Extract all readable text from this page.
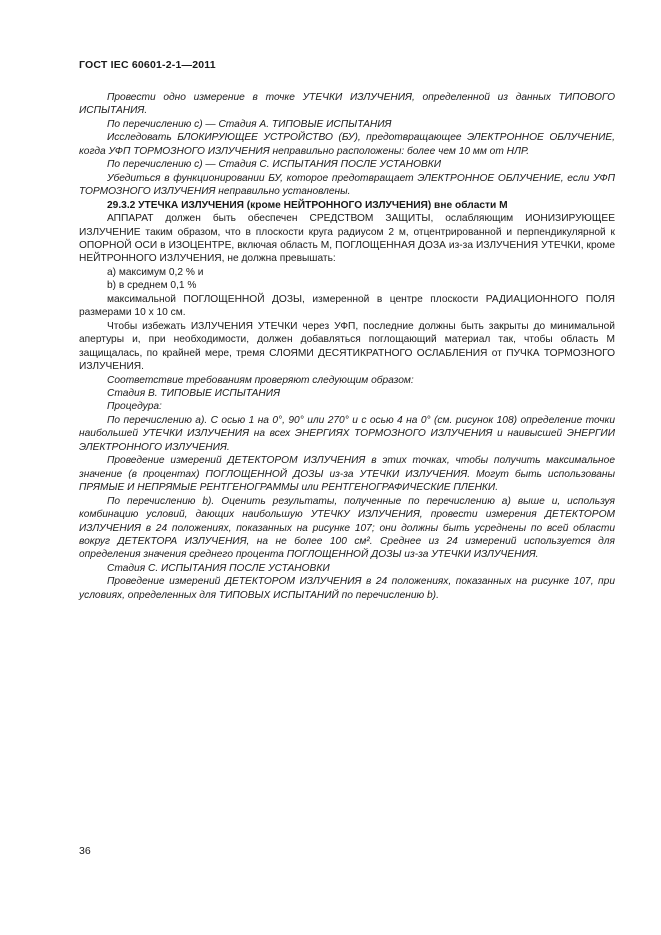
ГОСТ IEC 60601-2-1—2011

Провести одно измерение в точке УТЕЧКИ ИЗЛУЧЕНИЯ, определенной из данных ТИПОВОГО ИСПЫТАНИЯ.

По перечислению c) — Стадия А. ТИПОВЫЕ ИСПЫТАНИЯ

Исследовать БЛОКИРУЮЩЕЕ УСТРОЙСТВО (БУ), предотвращающее ЭЛЕКТРОННОЕ ОБЛУЧЕНИЕ, когда УФП ТОРМОЗНОГО ИЗЛУЧЕНИЯ неправильно расположены: более чем 10 мм от НЛР.

По перечислению c) — Стадия С. ИСПЫТАНИЯ ПОСЛЕ УСТАНОВКИ

Убедиться в функционировании БУ, которое предотвращает ЭЛЕКТРОННОЕ ОБЛУЧЕНИЕ, если УФП ТОРМОЗНОГО ИЗЛУЧЕНИЯ неправильно установлены.

29.3.2 УТЕЧКА ИЗЛУЧЕНИЯ (кроме НЕЙТРОННОГО ИЗЛУЧЕНИЯ) вне области M

АППАРАТ должен быть обеспечен СРЕДСТВОМ ЗАЩИТЫ, ослабляющим ИОНИЗИРУЮЩЕЕ ИЗЛУЧЕНИЕ таким образом, что в плоскости круга радиусом 2 м, отцентрированной и перпендикулярной к ОПОРНОЙ ОСИ в ИЗОЦЕНТРЕ, включая область M, ПОГЛОЩЕННАЯ ДОЗА из-за ИЗЛУЧЕНИЯ УТЕЧКИ, кроме НЕЙТРОННОГО ИЗЛУЧЕНИЯ, не должна превышать:

a) максимум 0,2 % и

b) в среднем 0,1 %

максимальной ПОГЛОЩЕННОЙ ДОЗЫ, измеренной в центре плоскости РАДИАЦИОННОГО ПОЛЯ размерами 10 х 10 см.

Чтобы избежать ИЗЛУЧЕНИЯ УТЕЧКИ через УФП, последние должны быть закрыты до минимальной апертуры и, при необходимости, должен добавляться поглощающий материал так, чтобы область M защищалась, по крайней мере, тремя СЛОЯМИ ДЕСЯТИКРАТНОГО ОСЛАБЛЕНИЯ от ПУЧКА ТОРМОЗНОГО ИЗЛУЧЕНИЯ.

Соответствие требованиям проверяют следующим образом:

Стадия В. ТИПОВЫЕ ИСПЫТАНИЯ

Процедура:

По перечислению a). С осью 1 на 0°, 90° или 270° и с осью 4 на 0° (см. рисунок 108) определение точки наибольшей УТЕЧКИ ИЗЛУЧЕНИЯ на всех ЭНЕРГИЯХ ТОРМОЗНОГО ИЗЛУЧЕНИЯ и наивысшей ЭНЕРГИИ ЭЛЕКТРОННОГО ИЗЛУЧЕНИЯ.

Проведение измерений ДЕТЕКТОРОМ ИЗЛУЧЕНИЯ в этих точках, чтобы получить максимальное значение (в процентах) ПОГЛОЩЕННОЙ ДОЗЫ из-за УТЕЧКИ ИЗЛУЧЕНИЯ. Могут быть использованы ПРЯМЫЕ И НЕПРЯМЫЕ РЕНТГЕНОГРАММЫ или РЕНТГЕНОГРАФИЧЕСКИЕ ПЛЕНКИ.

По перечислению b). Оценить результаты, полученные по перечислению a) выше и, используя комбинацию условий, дающих наибольшую УТЕЧКУ ИЗЛУЧЕНИЯ, провести измерения ДЕТЕКТОРОМ ИЗЛУЧЕНИЯ в 24 положениях, показанных на рисунке 107; они должны быть усреднены по всей области вокруг ДЕТЕКТОРА ИЗЛУЧЕНИЯ, на не более 100 см². Среднее из 24 измерений используется для определения значения среднего процента ПОГЛОЩЕННОЙ ДОЗЫ из-за УТЕЧКИ ИЗЛУЧЕНИЯ.

Стадия С. ИСПЫТАНИЯ ПОСЛЕ УСТАНОВКИ

Проведение измерений ДЕТЕКТОРОМ ИЗЛУЧЕНИЯ в 24 положениях, показанных на рисунке 107, при условиях, определенных для ТИПОВЫХ ИСПЫТАНИЙ по перечислению b).

36
